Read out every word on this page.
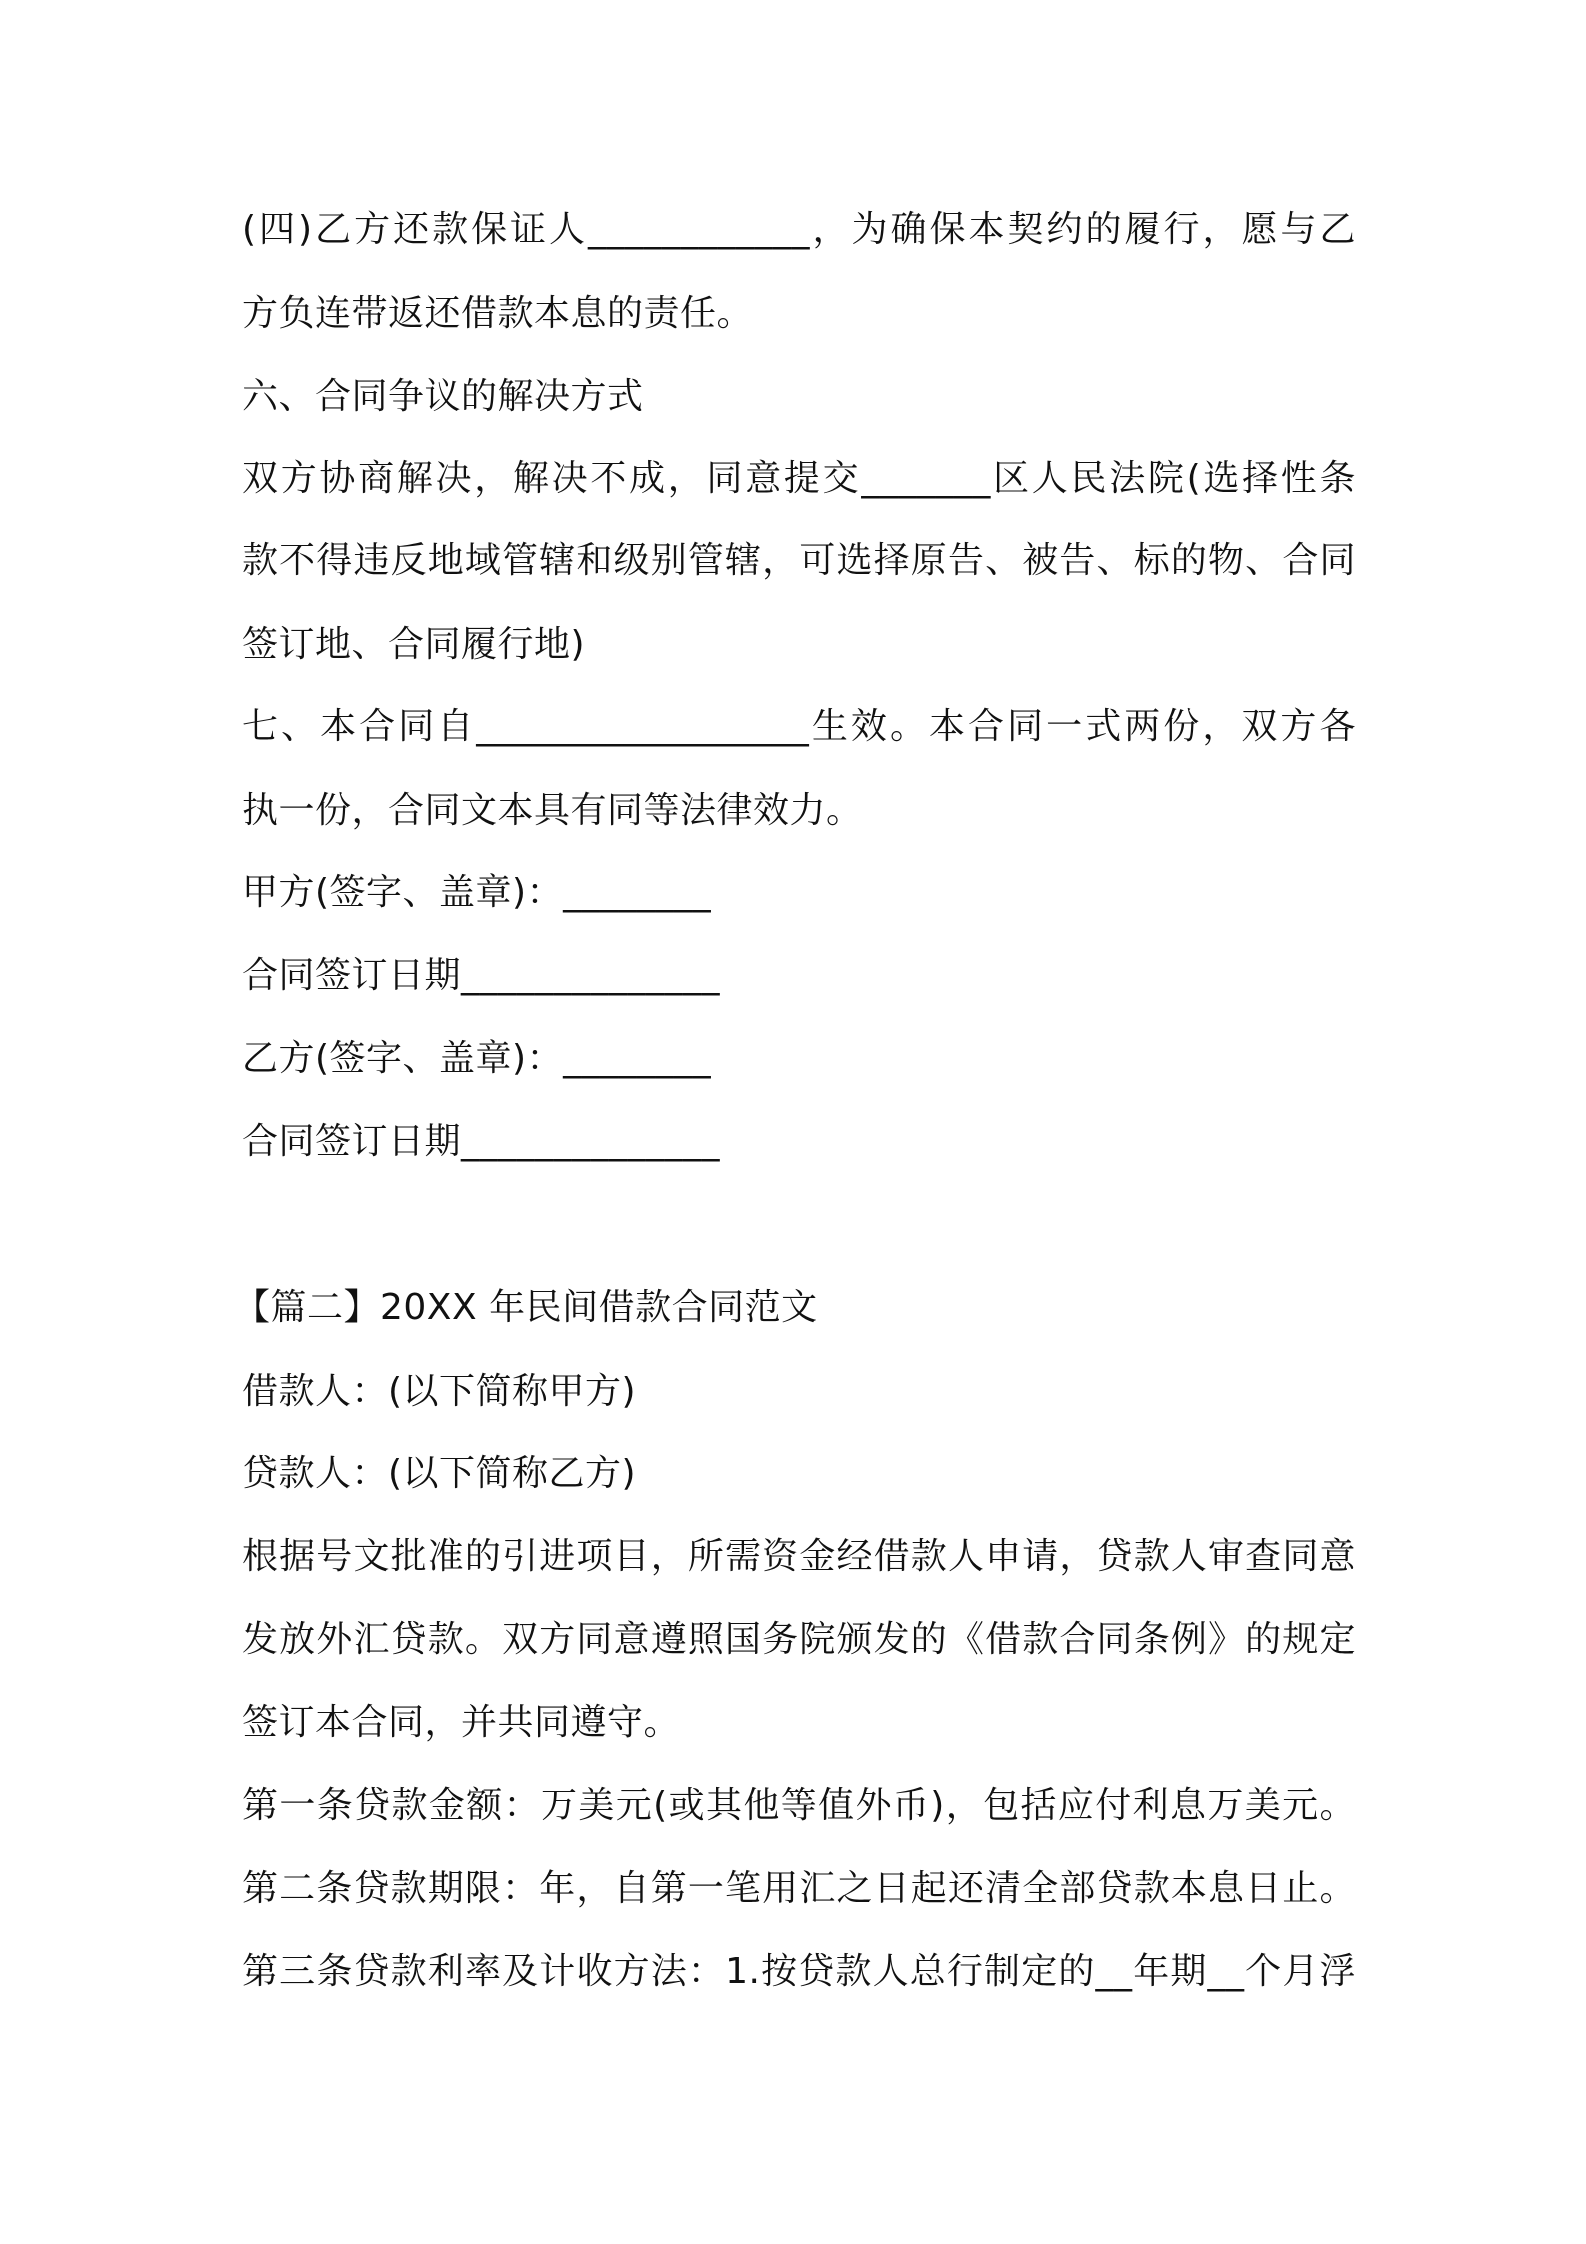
(四)乙方还款保证人____________，为确保本契约的履行，愿与乙
方负连带返还借款本息的责任。
六、合同争议的解决方式
双方协商解决，解决不成，同意提交_______区人民法院(选择性条
款不得违反地域管辖和级别管辖，可选择原告、被告、标的物、合同
签订地、合同履行地)
七、本合同自__________________生效。本合同一式两份，双方各
执一份，合同文本具有同等法律效力。
甲方(签字、盖章)：________
合同签订日期______________
乙方(签字、盖章)：________
合同签订日期______________
【篇二】20XX 年民间借款合同范文
借款人：(以下简称甲方)
贷款人：(以下简称乙方)
根据号文批准的引进项目，所需资金经借款人申请，贷款人审查同意
发放外汇贷款。双方同意遵照国务院颁发的《借款合同条例》的规定
签订本合同，并共同遵守。
第一条贷款金额：万美元(或其他等值外币)，包括应付利息万美元。
第二条贷款期限：年，自第一笔用汇之日起还清全部贷款本息日止。
第三条贷款利率及计收方法：1.按贷款人总行制定的__年期__个月浮
